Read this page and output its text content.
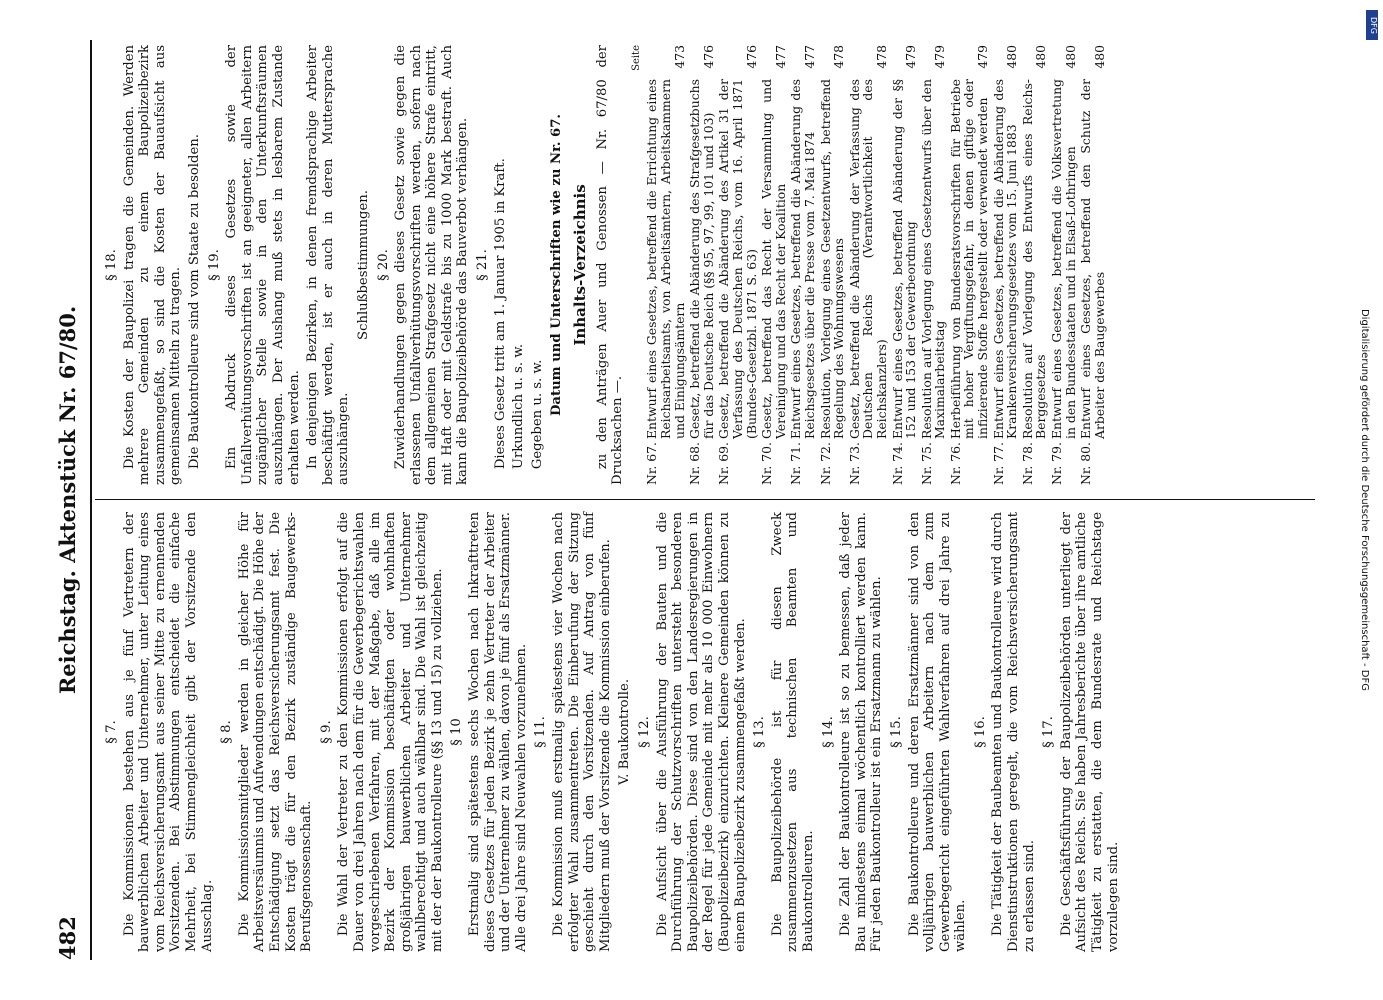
482
Reichstag. Aktenstück Nr. 67/80.
§ 7. Die Kommissionen bestehen aus je fünf Vertretern der bauwerblichen Arbeiter und Unternehmer, unter Leitung eines vom Reichsversicherungsamt aus seiner Mitte zu ernennenden Vorsitzenden. Bei Abstimmungen entscheidet die einfache Mehrheit, bei Stimmengleichheit gibt der Vorsitzende den Ausschlag.

§ 8. Die Kommissionsmitglieder werden in gleicher Höhe für Arbeitsversäumnis und Aufwendungen entschädigt. Die Höhe der Entschädigung setzt das Reichsversicherungsamt fest. Die Kosten trägt die für den Bezirk zuständige Baugewerks-Berufsgenossenschaft.

§ 9. Die Wahl der Vertreter zu den Kommissionen erfolgt auf die Dauer von drei Jahren nach dem für die Gewerbegerichtswahlen vorgeschriebenen Verfahren, mit der Maßgabe, daß alle im Bezirk der Kommission beschäftigten oder wohnhaften großjährigen bauwerblichen Arbeiter und Unternehmer wahlberechtigt und auch wählbar sind. Die Wahl ist gleichzeitig mit der der Baukontrolleure (§§ 13 und 15) zu vollziehen. § 10 Erstmalig sind spätestens sechs Wochen nach Inkrafttreten dieses Gesetzes für jeden Bezirk je zehn Vertreter der Arbeiter und der Unternehmer zu wählen, davon je fünf als Ersatzmänner. Alle drei Jahre sind Neuwahlen vorzunehmen. § 11. Die Kommission muß erstmalig spätestens vier Wochen nach erfolgter Wahl zusammentreten. Die Einberufung der Sitzung geschieht durch den Vorsitzenden. Auf Antrag von fünf Mitgliedern muß der Vorsitzende die Kommission einberufen. V. Baukontrolle. § 12. Die Aufsicht über die Ausführung der Bauten und die Durchführung der Schutzvorschriften untersteht besonderen Baupolizeibehörden. Diese sind von den Landesregierungen in der Regel für jede Gemeinde mit mehr als 10 000 Einwohnern (Baupolizeibezirk) einzurichten. Kleinere Gemeinden können zu einem Baupolizeibezirk zusammengefaßt werden. § 13. Die Baupolizeibehörde ist für diesen Zweck zusammenzusetzen aus technischen Beamten und Baukontrolleuren.

§ 14. Die Zahl der Baukontrolleure ist so zu bemessen, daß jeder Bau mindestens einmal wöchentlich kontrolliert werden kann. Für jeden Baukontrolleur ist ein Ersatzmann zu wählen. § 15. Die Baukontrolleure und deren Ersatzmänner sind von den volljährigen bauwerblichen Arbeitern nach dem zum Gewerbegericht eingeführten Wahlverfahren auf drei Jahre zu wählen.

§ 16. Die Tätigkeit der Baubeamten und Baukontrolleure wird durch Dienstinstruktionen geregelt, die vom Reichsversicherungsamt zu erlassen sind.

§ 17. Die Geschäftsführung der Baupolizeibehörden unterliegt der Aufsicht des Reichs. Sie haben Jahresberichte über ihre amtliche Tätigkeit zu erstatten, die dem Bundesrate und Reichstage vorzulegen sind.

§ 18. Die Kosten der Baupolizei tragen die Gemeinden. Werden mehrere Gemeinden zu einem Baupolizeibezirk zusammengefaßt, so sind die Kosten der Bauaufsicht aus gemeinsamen Mitteln zu tragen. Die Baukontrolleure sind vom Staate zu besolden. § 19. Ein Abdruck dieses Gesetzes sowie der Unfallverhütungsvorschriften ist an geeigneter, allen Arbeitern zugänglicher Stelle sowie in den Unterkunftsräumen auszuhängen. Der Aushang muß stets in lesbarem Zustande erhalten werden. In denjenigen Bezirken, in denen fremdsprachige Arbeiter beschäftigt werden, ist er auch in deren Muttersprache auszuhängen.

Schlußbestimmungen. § 20. Zuwiderhandlungen gegen dieses Gesetz sowie gegen die erlassenen Unfallverhütungsvorschriften werden, sofern nach dem allgemeinen Strafgesetz nicht eine höhere Strafe eintritt, mit Haft oder mit Geldstrafe bis zu 1000 Mark bestraft. Auch kann die Baupolizeibehörde das Bauverbot verhängen. § 21. Dieses Gesetz tritt am 1. Januar 1905 in Kraft. Urkundlich u. s. w. Gegeben u. s. w. Datum und Unterschriften wie zu Nr. 67. Inhalts-Verzeichnis zu den Anträgen Auer und Genossen — Nr. 67/80 der Drucksachen —.

Seite
Nr. 67.	Entwurf eines Gesetzes, betreffend die Errichtung eines Reichsarbeitsamts, von Arbeitsämtern, Arbeitskammern und Einigungsämtern	473
Nr. 68.	Gesetz, betreffend die Abänderung des Strafgesetzbuchs für das Deutsche Reich (§§ 95, 97, 99, 101 und 103)	476
Nr. 69.	Gesetz, betreffend die Abänderung des Artikel 31 der Verfassung des Deutschen Reichs, vom 16. April 1871 (Bundes-Gesetzbl. 1871 S. 63)	476
Nr. 70.	Gesetz, betreffend das Recht der Versammlung und Vereinigung und das Recht der Koalition	477
Nr. 71.	Entwurf eines Gesetzes, betreffend die Abänderung des Reichsgesetzes über die Presse vom 7. Mai 1874	477
Nr. 72.	Resolution, Vorlegung eines Gesetzentwurfs, betreffend Regelung des Wohnungswesens	478
Nr. 73.	Gesetz, betreffend die Abänderung der Verfassung des Deutschen Reichs (Verantwortlichkeit des Reichskanzlers)	478
Nr. 74.	Entwurf eines Gesetzes, betreffend Abänderung der §§ 152 und 153 der Gewerbeordnung	479
Nr. 75.	Resolution auf Vorlegung eines Gesetzentwurfs über den Maximalarbeitstag	479
Nr. 76.	Herbeiführung von Bundesratsvorschriften für Betriebe mit hoher Vergiftungsgefahr, in denen giftige oder infizierende Stoffe hergestellt oder verwendet werden	479
Nr. 77.	Entwurf eines Gesetzes, betreffend die Abänderung des Krankenversicherungsgesetzes vom 15. Juni 1883	480
Nr. 78.	Resolution auf Vorlegung des Entwurfs eines Reichs-Berggesetzes	480
Nr. 79.	Entwurf eines Gesetzes, betreffend die Volksvertretung in den Bundesstaaten und in Elsaß-Lothringen	480
Nr. 80.	Entwurf eines Gesetzes, betreffend den Schutz der Arbeiter des Baugewerbes	480
Digitalisierung gefördert durch die Deutsche Forschungsgemeinschaft - DFG
DFG
